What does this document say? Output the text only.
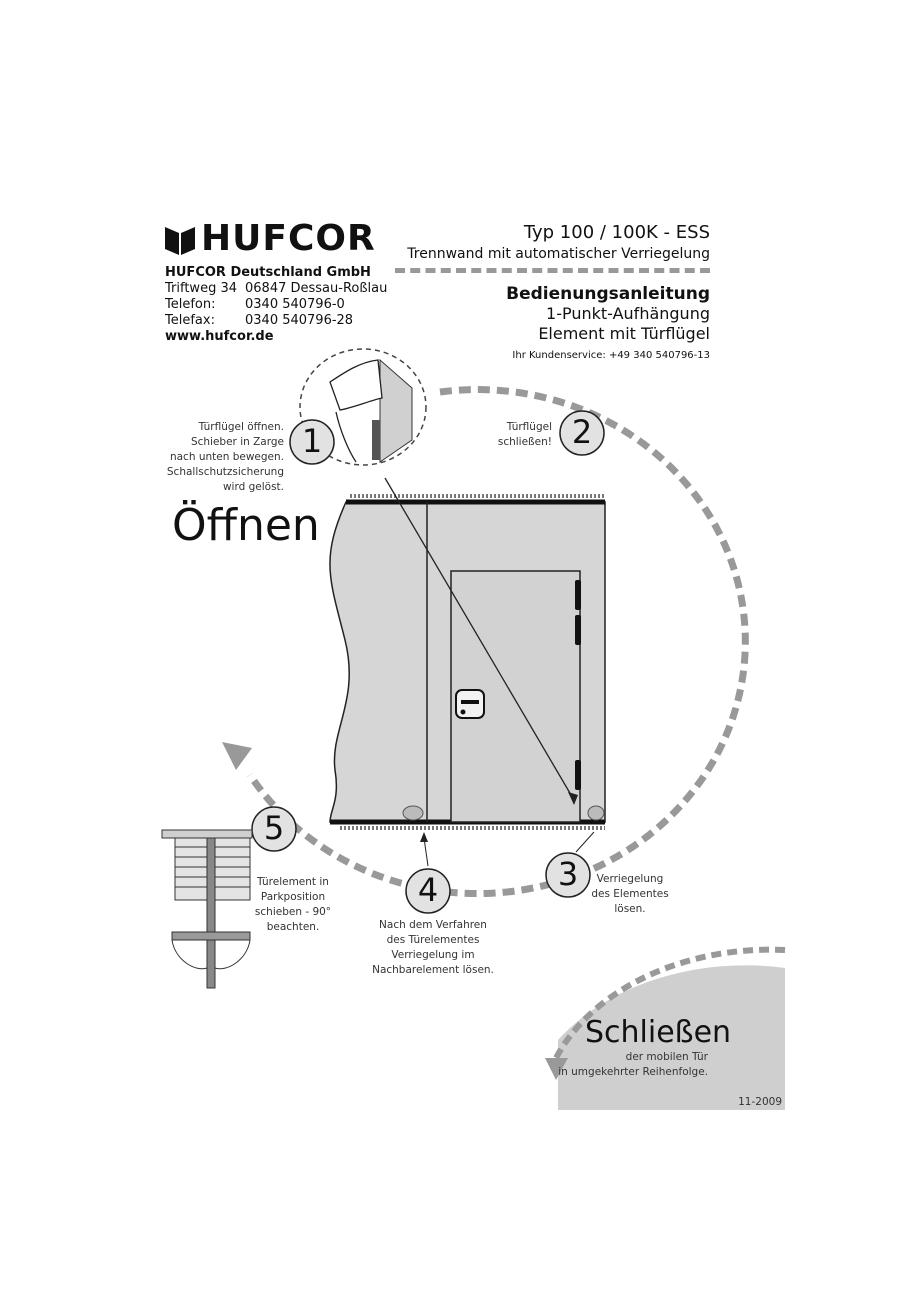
HUFCOR
HUFCOR Deutschland GmbH
Triftweg 34 06847 Dessau-Roßlau
Telefon:	0340 540796-0
Telefax:	0340 540796-28
www.hufcor.de
Typ 100 / 100K - ESS
Trennwand mit automatischer Verriegelung
Bedienungsanleitung
1-Punkt-Aufhängung
Element mit Türflügel
Ihr Kundenservice: +49 340 540796-13
1	2
3
4
5
Türflügel öffnen.
Schieber in Zarge
nach unten bewegen.
Schallschutzsicherung
wird gelöst.
Türflügel
schließen!
Verriegelung
des Elementes
lösen.
Nach dem Verfahren
des Türelementes
Verriegelung im
Nachbarelement lösen.
Türelement in
Parkposition
schieben - 90° beachten.
Öffnen
Schließen
der mobilen Tür
in umgekehrter Reihenfolge.
11-2009
